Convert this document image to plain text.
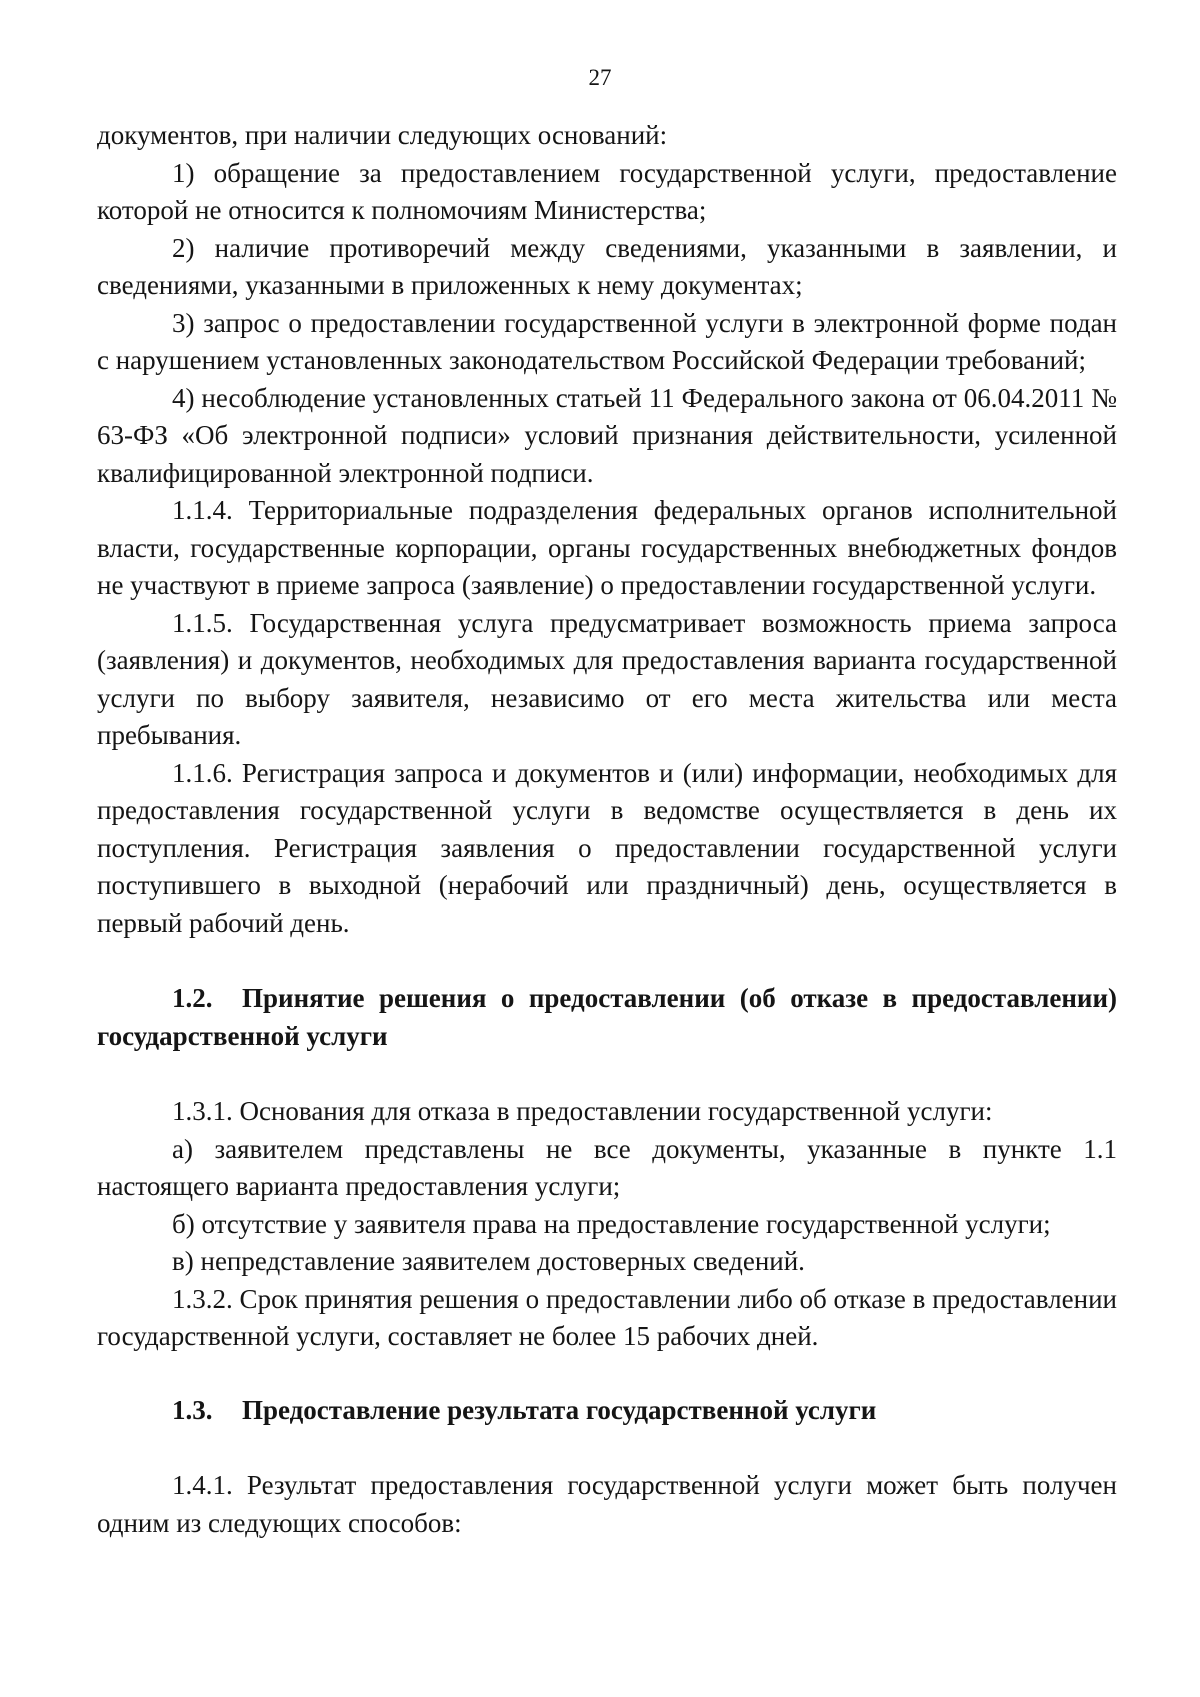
27

документов, при наличии следующих оснований:

1) обращение за предоставлением государственной услуги, предоставление которой не относится к полномочиям Министерства;

2) наличие противоречий между сведениями, указанными в заявлении, и сведениями, указанными в приложенных к нему документах;

3) запрос о предоставлении государственной услуги в электронной форме подан с нарушением установленных законодательством Российской Федерации требований;

4) несоблюдение установленных статьей 11 Федерального закона от 06.04.2011 № 63-ФЗ «Об электронной подписи» условий признания действительности, усиленной квалифицированной электронной подписи.

1.1.4. Территориальные подразделения федеральных органов исполнительной власти, государственные корпорации, органы государственных внебюджетных фондов не участвуют в приеме запроса (заявление) о предоставлении государственной услуги.

1.1.5. Государственная услуга предусматривает возможность приема запроса (заявления) и документов, необходимых для предоставления варианта государственной услуги по выбору заявителя, независимо от его места жительства или места пребывания.

1.1.6. Регистрация запроса и документов и (или) информации, необходимых для предоставления государственной услуги в ведомстве осуществляется в день их поступления. Регистрация заявления о предоставлении государственной услуги поступившего в выходной (нерабочий или праздничный) день, осуществляется в первый рабочий день.

1.2. Принятие решения о предоставлении (об отказе в предоставлении) государственной услуги

1.3.1. Основания для отказа в предоставлении государственной услуги:

а) заявителем представлены не все документы, указанные в пункте 1.1 настоящего варианта предоставления услуги;

б) отсутствие у заявителя права на предоставление государственной услуги;

в) непредставление заявителем достоверных сведений.

1.3.2. Срок принятия решения о предоставлении либо об отказе в предоставлении государственной услуги, составляет не более 15 рабочих дней.

1.3. Предоставление результата государственной услуги

1.4.1. Результат предоставления государственной услуги может быть получен одним из следующих способов:
